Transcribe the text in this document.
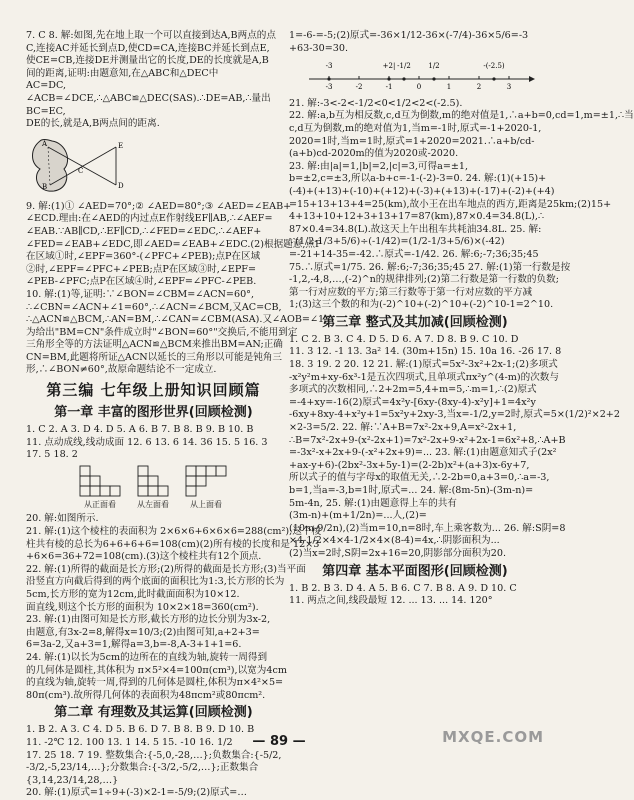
7. C 8. 解:如图,先在地上取一个可以直接到达A,B两点的点
C,连接AC并延长到点D,使CD=CA,连接BC并延长到点E,
使CE=CB,连接DE并测量出它的长度,DE的长度就是A,B
间的距离,证明:由题意知,在△ABC和△DEC中
AC=DC,
∠ACB=∠DCE,∴△ABC≌△DEC(SAS).∴DE=AB,∴量出
BC=EC,
DE的长,就是A,B两点间的距离.
A
B
C
E
D
9. 解:(1)① ∠AED=70°;② ∠AED=80°;③ ∠AED=∠EAB+
∠ECD.理由:在∠AED的内过点E作射线EF∥AB,∴∠AEF=
∠EAB.∵AB∥CD,∴EF∥CD,∴∠FED=∠EDC,∴∠AEF+
∠FED=∠EAB+∠EDC,即∠AED=∠EAB+∠EDC.(2)根据题意,点P
在区域①时,∠EPF=360°-(∠PFC+∠PEB);点P在区域
②时,∠EPF=∠PFC+∠PEB;点P在区域③时,∠EPF=
∠PEB-∠PFC;点P在区域④时,∠EPF=∠PFC-∠PEB.
10. 解:(1)等,证明:∵∠BON=∠CBM=∠ACN=60°,
∴∠CBN=∠ACN+∠1=60°,∴∠ACN=∠BCM,又AC=CB,
∴△ACN≌△BCM,∴AN=BM,∴∠CAN=∠CBM(ASA).又∠AOB=∠1,∴
为给出"BM=CN"条件成立时"∠BON=60°"交换后,不能用到定
三角形全等的方法证明△ACN≌△BCM来推出BM=AN;正确
CN=BM,此题将所证△ACN以延长的三角形以可能是钝角三
形,∴∠BON≠60°,故原命题结论不一定成立.
第三编 七年级上册知识回顾篇
第一章 丰富的图形世界(回顾检测)
1. C 2. A 3. D 4. D 5. A 6. B 7. B 8. B 9. B 10. B
11. 点动成线,线动成面 12. 6 13. 6 14. 36 15. 5 16. 3
17. 5 18. 2
从正面看	从左面看	从上面看
20. 解:如图所示.
21. 解:(1)这个棱柱的表面积为 2×6×6+6×6×6=288(cm²);这个棱
柱共有棱的总长为6+6+6+6=108(cm)(2)所有棱的长度和是 12×3
+6×6=36+72=108(cm).(3)这个棱柱共有12个顶点.
22. 解:(1)所得的截面是长方形;(2)所得的截面是长方形;(3)当平面
沿竖直方向截后得到的两个底面的面积比为1:3,长方形的长为
5cm,长方形的宽为12cm,此时截面面积为10×12.
面直线,则这个长方形的面积为 10×2×18=360(cm²).
23. 解:(1)由图可知是长方形,截长方形的边长分别为3x-2,
由题意,有3x-2=8,解得x=10/3;(2)由图可知,a+2+3=
6=3a-2,又a+3=1,解得a=3,b=-8,A-3+1+1=6.
24. 解:(1)以长为5cm的边所在的直线为轴,旋转一周得到
的几何体是圆柱,其体积为 π×5²×4=100π(cm³),以宽为4cm
的直线为轴,旋转一周,得到的几何体是圆柱,体积为π×4²×5=
80π(cm³).故所得几何体的表面积为48πcm²或80πcm².
第二章 有理数及其运算(回顾检测)
1. B 2. A 3. C 4. D 5. B 6. D 7. B 8. B 9. D 10. B
11. -2℃ 12. 100 13. 1 14. 5 15. -10 16. 1/2
17. 25 18. 7 19. 整数集合:{-5,0,-28,…};负数集合:{-5/2,
-3/2,-5,23/14,…};分数集合:{-3/2,-5/2,…};正数集合
{3,14,23/14,28,…}
20. 解:(1)原式=1÷9+(-3)×2-1=-5/9;(2)原式=…
1=-6-=-5;(2)原式=-36×1/12-36×(-7/4)-36×5/6=-3
+63-30=30.
-3	-2	-1	0	1	2	3
-3	+2| -1/2	1/2	-(-2.5)
21. 解:-3<-2<-1/2<0<1/2<2<(-2.5).
22. 解:a,b互为相反数,c,d互为倒数,m的绝对值是1,∴a+b=0,cd=1,m=±1,∴当
c,d互为倒数,m的绝对值为1,当m=-1时,原式=-1+2020-1,
2020=1时,当m=1时,原式=1+2020=2021.∴a+b/cd-
(a+b)cd-2020m的值为2020或-2020.
23. 解:由|a|=1,|b|=2,|c|=3,可得a=±1,
b=±2,c=±3,所以a-b+c=-1-(-2)-3=0. 24. 解:(1)(+15)+
(-4)+(+13)+(-10)+(+12)+(-3)+(+13)+(-17)+(-2)+(+4)
=15+13+13+4=25(km),故小王在出车地点的西方,距离是25km;(2)15+
4+13+10+12+3+13+17=87(km),87×0.4=34.8(L),∴
87×0.4=34.8(L).故这天上午出租车共耗油34.8L. 25. 解:
∵(1/2-1/3+5/6)÷(-1/42)=(1/2-1/3+5/6)×(-42)
=-21+14-35=-42.∴原式=-1/42. 26. 解:6;-7;36;35;45
75.∴原式=1/75. 26. 解:6;-7;36;35;45 27. 解:(1)第一行数是按
-1,2,-4,8,…,(-2)^n的规律排列;(2)第二行数是第一行数的负数;
第一行对应数的平方;第三行数等于第一行对应数的平方减
1;(3)这三个数的和为(-2)^10+(-2)^10+(-2)^10-1=2^10.
第三章 整式及其加减(回顾检测)
1. C 2. B 3. C 4. D 5. D 6. A 7. D 8. B 9. C 10. D
11. 3 12. -1 13. 3a² 14. (30m+15n) 15. 10a 16. -26 17. 8
18. 3 19. 2 20. 12 21. 解:(1)原式=5x²-3x²+2x-1;(2)多项式
-x²y²m+xy-6x³-1是五次四项式,且单项式πx²y^(4-m)的次数与
多项式的次数相同,∴2+2m=5,4+m=5,∴m=1,∴(2)原式
=-4+xy=-16(2)原式=4x²y-[6xy-(8xy-4)-x²y]+1=4x²y
-6xy+8xy-4+x²y+1=5x²y+2xy-3,当x=-1/2,y=2时,原式=5×(1/2)²×2+2
×2-3=5/2. 22. 解:∵A+B=7x²-2x+9,A=x²-2x+1,
∴B=7x²-2x+9-(x²-2x+1)=7x²-2x+9-x²+2x-1=6x²+8,∴A+B
=-3x²-x+2x+9-(-x²+2x+9)=... 23. 解:(1)由题意知式子(2x²
+ax-y+6)-(2bx²-3x+5y-1)=(2-2b)x²+(a+3)x-6y+7,
所以式子的值与字母x的取值无关,∴2-2b=0,a+3=0,∴a=-3,
b=1,当a=-3,b=1时,原式=... 24. 解:(8m-5n)-(3m-n)=
5m-4n, 25. 解:(1)由题意得上车的共有
(3m-n)+(m+1/2n)=...人,(2)=
(10m-9/2n),(2)当m=10,n=8时,车上乘客数为... 26. 解:S阴=8
×4-1/2×4×4-1/2×4×(8-4)=4x,∴阴影面积为...
(2)当x=2时,S阴=2x+16=20,阴影部分面积为20.
第四章 基本平面图形(回顾检测)
1. B 2. B 3. D 4. A 5. B 6. C 7. B 8. A 9. D 10. C
11. 两点之间,线段最短 12. ... 13. ... 14. 120°
— 89 —	MXQE.COM
